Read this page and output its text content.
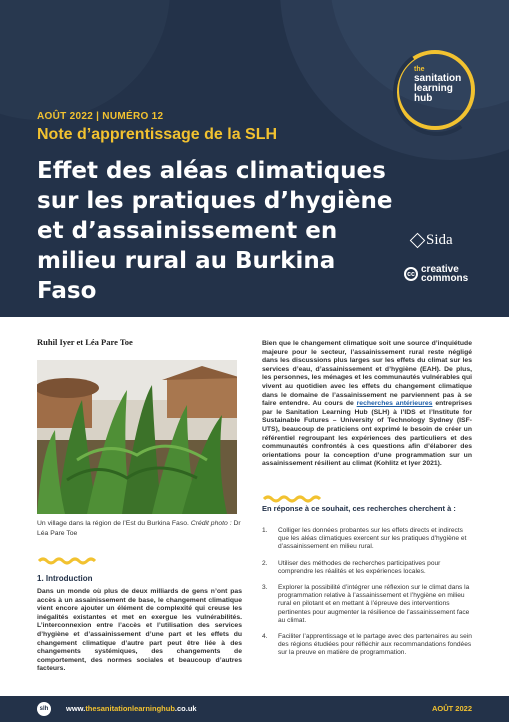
the
sanitation
learning
hub
AOÛT 2022 | NUMÉRO 12
Note d’apprentissage de la SLH
Effet des aléas climatiques sur les pratiques d’hygiène et d’assainissement en milieu rural au Burkina Faso
Sida
cc creative
commons
Ruhil Iyer et Léa Pare Toe
Un village dans la région de l’Est du Burkina Faso. Crédit photo : Dr Léa Pare Toe
1. Introduction
Dans un monde où plus de deux milliards de gens n’ont pas accès à un assainissement de base, le changement climatique vient encore ajouter un élément de complexité qui creuse les inégalités existantes et met en exergue les vulnérabilités. L’interconnexion entre l’accès et l’utilisation des services d’hygiène et d’assainissement d’une part et les effets du changement climatique d’autre part peut être liée à des changements systémiques, des changements de comportement, des normes sociales et beaucoup d’autres facteurs.
Bien que le changement climatique soit une source d’inquiétude majeure pour le secteur, l’assainissement rural reste négligé dans les discussions plus larges sur les effets du climat sur les services d’eau, d’assainissement et d’hygiène (EAH). De plus, les personnes, les ménages et les communautés vulnérables qui vivent au quotidien avec les effets du changement climatique dans le domaine de l’assainissement ne parviennent pas à se faire entendre. Au cours de recherches antérieures entreprises par le Sanitation Learning Hub (SLH) à l’IDS et l’Institute for Sustainable Futures – University of Technology Sydney (ISF-UTS), beaucoup de praticiens ont exprimé le besoin de créer un référentiel regroupant les expériences des particuliers et des communautés confrontés à ces questions afin d’élaborer des orientations pour la conception d’une programmation sur un assainissement résilient au climat (Kohlitz et Iyer 2021).
En réponse à ce souhait, ces recherches cherchent à :
1.	Colliger les données probantes sur les effets directs et indirects que les aléas climatiques exercent sur les pratiques d’hygiène et d’assainissement en milieu rural.
2.	Utiliser des méthodes de recherches participatives pour comprendre les réalités et les expériences locales.
3.	Explorer la possibilité d’intégrer une réflexion sur le climat dans la programmation relative à l’assainissement et l’hygiène en milieu rural en pilotant et en mettant à l’épreuve des interventions pertinentes pour augmenter la résilience de l’assainissement face au climat.
4.	Faciliter l’apprentissage et le partage avec des partenaires au sein des régions étudiées pour réfléchir aux recommandations fondées sur la preuve en matière de programmation.
slh	www.thesanitationlearninghub.co.uk	AOÛT 2022
